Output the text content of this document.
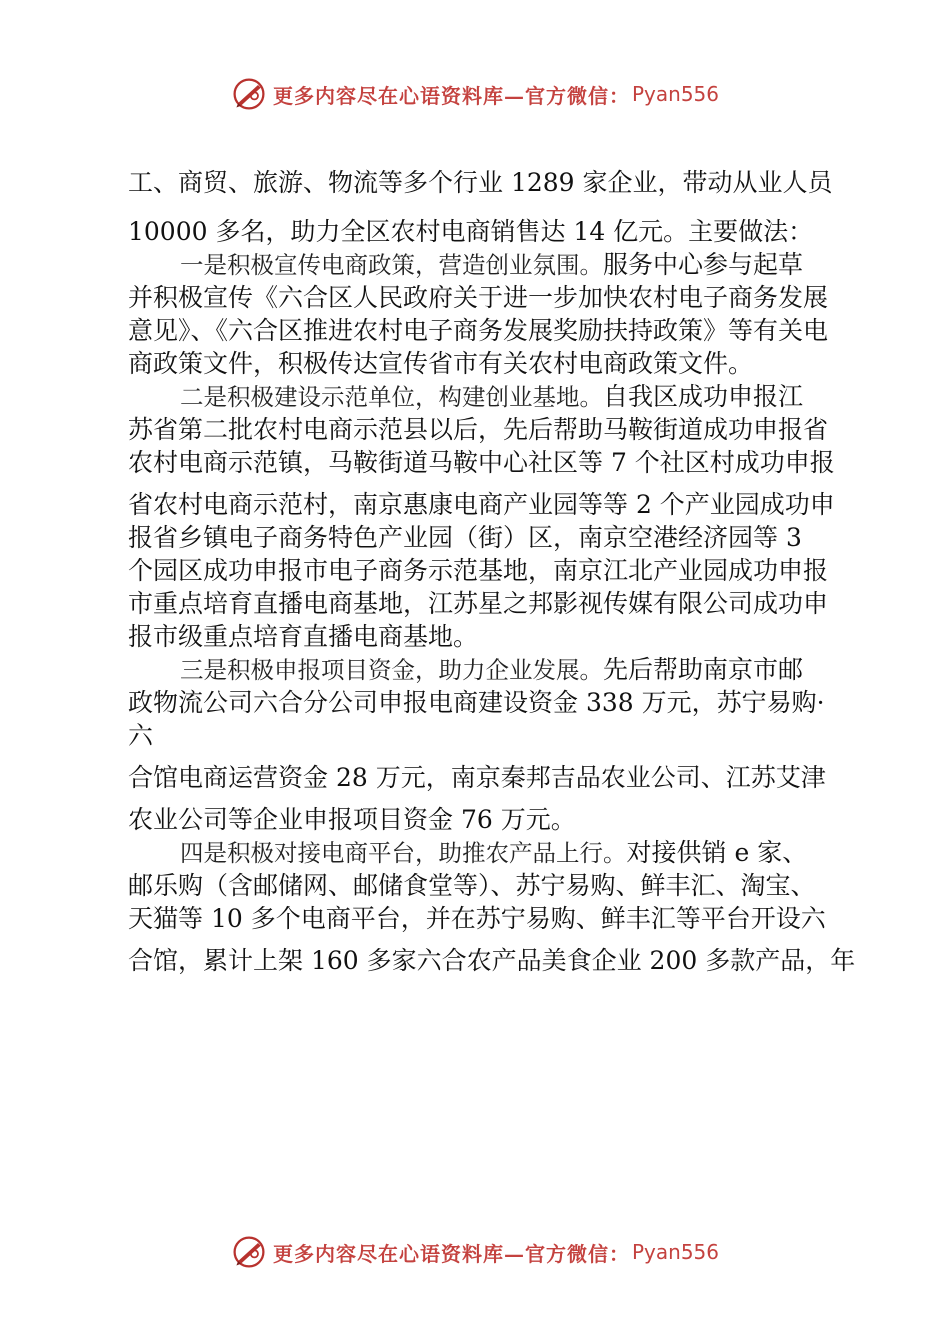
更多内容尽在心语资料库—官方微信： Pyan556
工、商贸、旅游、物流等多个行业 1289 家企业，带动从业人员
10000 多名，助力全区农村电商销售达 14 亿元。主要做法：
一是积极宣传电商政策，营造创业氛围。服务中心参与起草
并积极宣传《六合区人民政府关于进一步加快农村电子商务发展
意见》、《六合区推进农村电子商务发展奖励扶持政策》等有关电
商政策文件，积极传达宣传省市有关农村电商政策文件。
二是积极建设示范单位，构建创业基地。自我区成功申报江
苏省第二批农村电商示范县以后，先后帮助马鞍街道成功申报省
农村电商示范镇，马鞍街道马鞍中心社区等 7 个社区村成功申报
省农村电商示范村，南京惠康电商产业园等等 2 个产业园成功申
报省乡镇电子商务特色产业园（街）区，南京空港经济园等 3
个园区成功申报市电子商务示范基地，南京江北产业园成功申报
市重点培育直播电商基地，江苏星之邦影视传媒有限公司成功申
报市级重点培育直播电商基地。
三是积极申报项目资金，助力企业发展。先后帮助南京市邮
政物流公司六合分公司申报电商建设资金 338 万元，苏宁易购·
六
合馆电商运营资金 28 万元，南京秦邦吉品农业公司、江苏艾津
农业公司等企业申报项目资金 76 万元。
四是积极对接电商平台，助推农产品上行。对接供销 e 家、
邮乐购（含邮储网、邮储食堂等）、苏宁易购、鲜丰汇、淘宝、
天猫等 10 多个电商平台，并在苏宁易购、鲜丰汇等平台开设六
合馆，累计上架 160 多家六合农产品美食企业 200 多款产品，年
更多内容尽在心语资料库—官方微信： Pyan556
